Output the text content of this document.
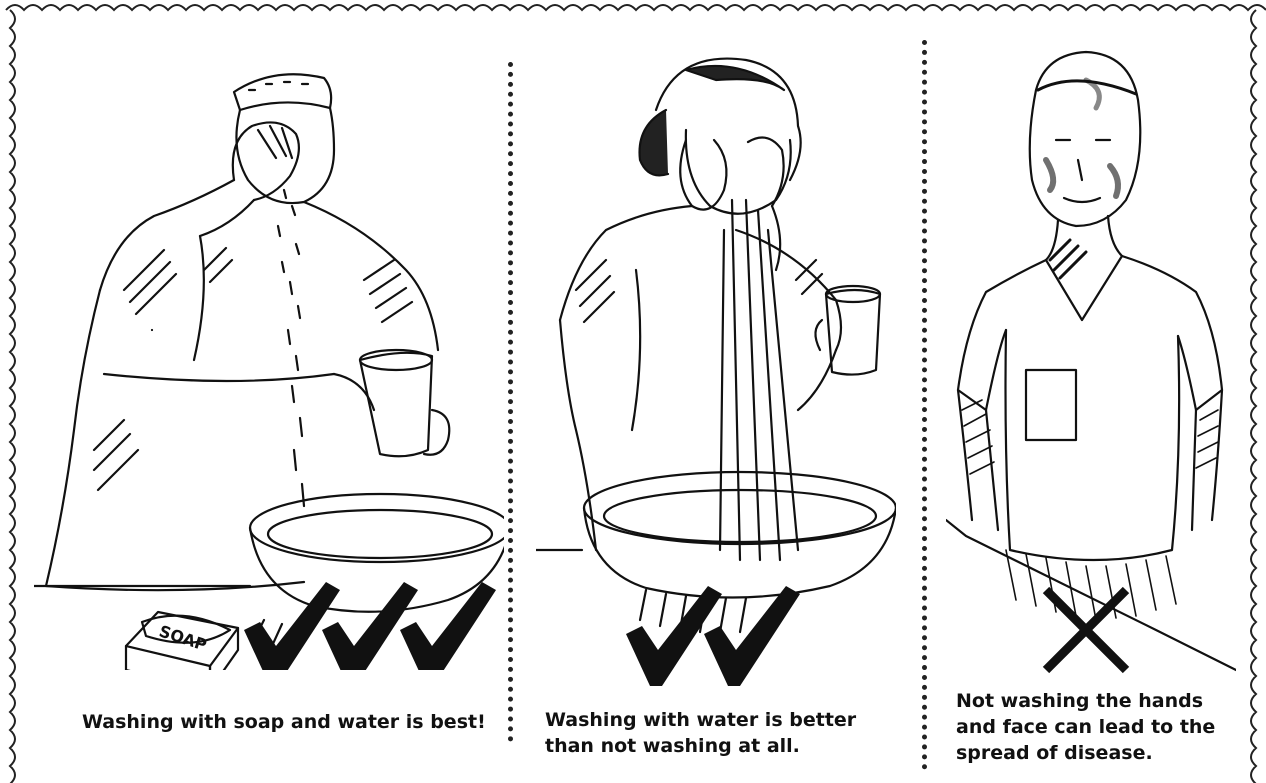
SOAP
Washing with soap and water is best!	Washing with water is better
than not washing at all.
Not washing the hands
and face can lead to the
spread of disease.
